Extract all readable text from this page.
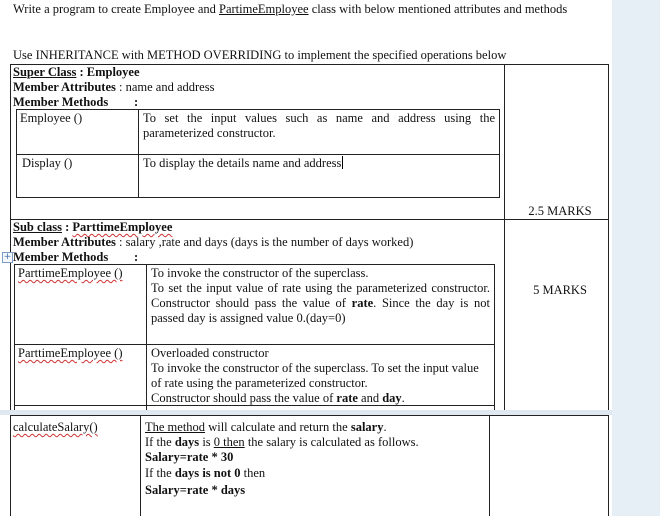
Write a program to create Employee and PartimeEmployee class with below mentioned attributes and methods
Use INHERITANCE with METHOD OVERRIDING to implement the specified operations below
Super Class : Employee
Member Attributes : name and address
Member Methods :
Employee ()	To set the input values such as name and address using the parameterized constructor.
Display ()	To display the details name and address
2.5 MARKS
+
Sub class : ParttimeEmployee
Member Attributes : salary ,rate and days (days is the number of days worked)
Member Methods :
ParttimeEmployee () To invoke the constructor of the superclass.
To set the input value of rate using the parameterized constructor. Constructor should pass the value of rate. Since the day is not passed day is assigned value 0.(day=0)
ParttimeEmployee () Overloaded constructor
To invoke the constructor of the superclass. To set the input value of rate using the parameterized constructor.
Constructor should pass the value of rate and day.
5 MARKS
calculateSalary()	The method will calculate and return the salary.
If the days is 0 then the salary is calculated as follows.
Salary=rate * 30
If the days is not 0 then
Salary=rate * days
